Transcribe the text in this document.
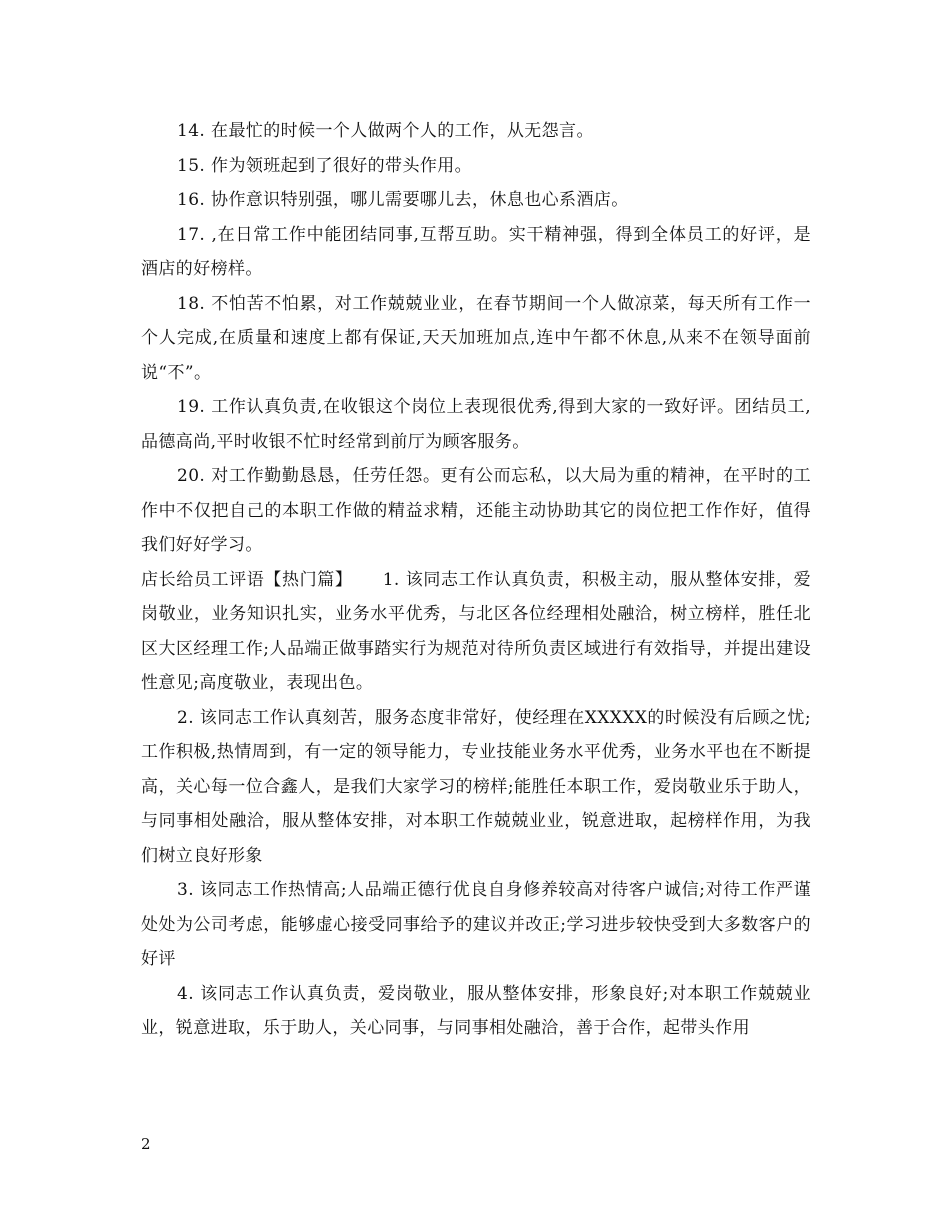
14. 在最忙的时候一个人做两个人的工作，从无怨言。

15. 作为领班起到了很好的带头作用。

16. 协作意识特别强，哪儿需要哪儿去，休息也心系酒店。

17. ,在日常工作中能团结同事,互帮互助。实干精神强，得到全体员工的好评，是酒店的好榜样。

18. 不怕苦不怕累，对工作兢兢业业，在春节期间一个人做凉菜，每天所有工作一个人完成,在质量和速度上都有保证,天天加班加点,连中午都不休息,从来不在领导面前说“不”。

19. 工作认真负责,在收银这个岗位上表现很优秀,得到大家的一致好评。团结员工,品德高尚,平时收银不忙时经常到前厅为顾客服务。

20. 对工作勤勤恳恳，任劳任怨。更有公而忘私，以大局为重的精神，在平时的工作中不仅把自己的本职工作做的精益求精，还能主动协助其它的岗位把工作作好，值得我们好好学习。

店长给员工评语【热门篇】 1. 该同志工作认真负责，积极主动，服从整体安排，爱岗敬业，业务知识扎实，业务水平优秀，与北区各位经理相处融洽，树立榜样，胜任北区大区经理工作;人品端正做事踏实行为规范对待所负责区域进行有效指导，并提出建设性意见;高度敬业，表现出色。

2. 该同志工作认真刻苦，服务态度非常好，使经理在XXXXX的时候没有后顾之忧;工作积极,热情周到，有一定的领导能力，专业技能业务水平优秀，业务水平也在不断提高，关心每一位合鑫人，是我们大家学习的榜样;能胜任本职工作，爱岗敬业乐于助人，与同事相处融洽，服从整体安排，对本职工作兢兢业业，锐意进取，起榜样作用，为我们树立良好形象

3. 该同志工作热情高;人品端正德行优良自身修养较高对待客户诚信;对待工作严谨处处为公司考虑，能够虚心接受同事给予的建议并改正;学习进步较快受到大多数客户的好评

4. 该同志工作认真负责，爱岗敬业，服从整体安排，形象良好;对本职工作兢兢业业，锐意进取，乐于助人，关心同事，与同事相处融洽，善于合作，起带头作用

2
